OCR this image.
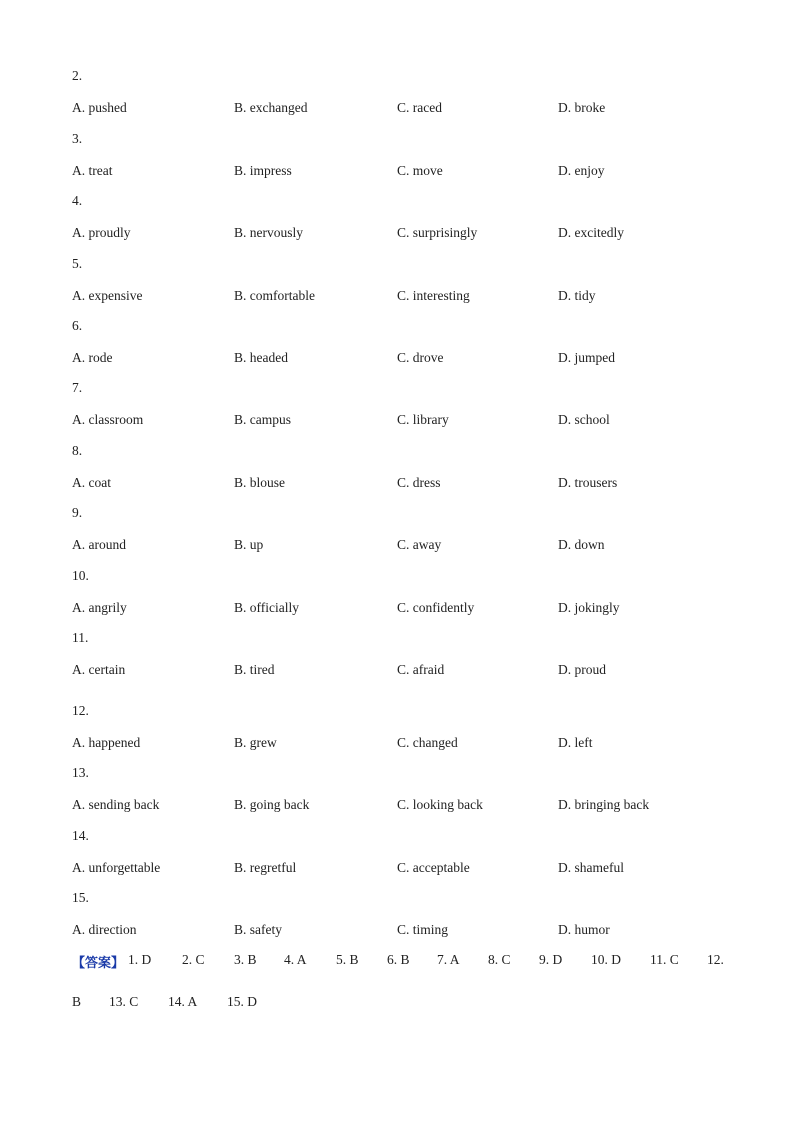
2.
A. pushed	B. exchanged	C. raced	D. broke
3.
A. treat	B. impress	C. move	D. enjoy
4.
A. proudly	B. nervously	C. surprisingly	D. excitedly
5.
A. expensive	B. comfortable	C. interesting	D. tidy
6.
A. rode	B. headed	C. drove	D. jumped
7.
A. classroom	B. campus	C. library	D. school
8.
A. coat	B. blouse	C. dress	D. trousers
9.
A. around	B. up	C. away	D. down
10.
A. angrily	B. officially	C. confidently	D. jokingly
11.
A. certain	B. tired	C. afraid	D. proud
12.
A. happened	B. grew	C. changed	D. left
13.
A. sending back	B. going back	C. looking back	D. bringing back
14.
A. unforgettable	B. regretful	C. acceptable	D. shameful
15.
A. direction	B. safety	C. timing	D. humor
【答案】 1. D 2. C 3. B 4. A 5. B 6. B 7. A 8. C 9. D 10. D 11. C 12.
B 13. C 14. A 15. D
